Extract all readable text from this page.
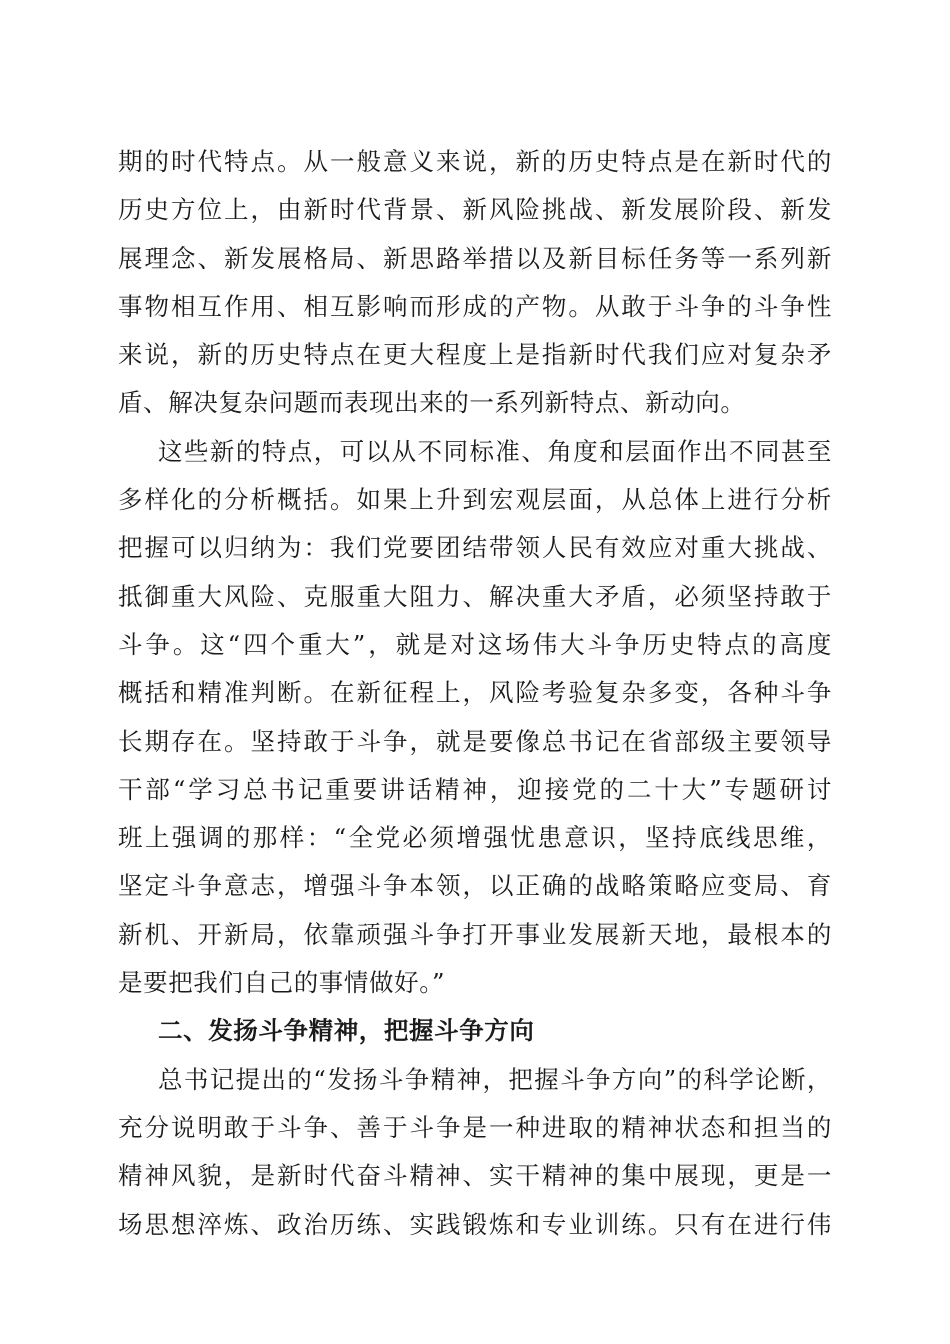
期的时代特点。从一般意义来说，新的历史特点是在新时代的
历史方位上，由新时代背景、新风险挑战、新发展阶段、新发
展理念、新发展格局、新思路举措以及新目标任务等一系列新
事物相互作用、相互影响而形成的产物。从敢于斗争的斗争性
来说，新的历史特点在更大程度上是指新时代我们应对复杂矛
盾、解决复杂问题而表现出来的一系列新特点、新动向。
这些新的特点，可以从不同标准、角度和层面作出不同甚至
多样化的分析概括。如果上升到宏观层面，从总体上进行分析
把握可以归纳为：我们党要团结带领人民有效应对重大挑战、
抵御重大风险、克服重大阻力、解决重大矛盾，必须坚持敢于
斗争。这“四个重大”，就是对这场伟大斗争历史特点的高度
概括和精准判断。在新征程上，风险考验复杂多变，各种斗争
长期存在。坚持敢于斗争，就是要像总书记在省部级主要领导
干部“学习总书记重要讲话精神，迎接党的二十大”专题研讨
班上强调的那样：“全党必须增强忧患意识，坚持底线思维，
坚定斗争意志，增强斗争本领，以正确的战略策略应变局、育
新机、开新局，依靠顽强斗争打开事业发展新天地，最根本的
是要把我们自己的事情做好。”
二、发扬斗争精神，把握斗争方向
总书记提出的“发扬斗争精神，把握斗争方向”的科学论断，
充分说明敢于斗争、善于斗争是一种进取的精神状态和担当的
精神风貌，是新时代奋斗精神、实干精神的集中展现，更是一
场思想淬炼、政治历练、实践锻炼和专业训练。只有在进行伟
